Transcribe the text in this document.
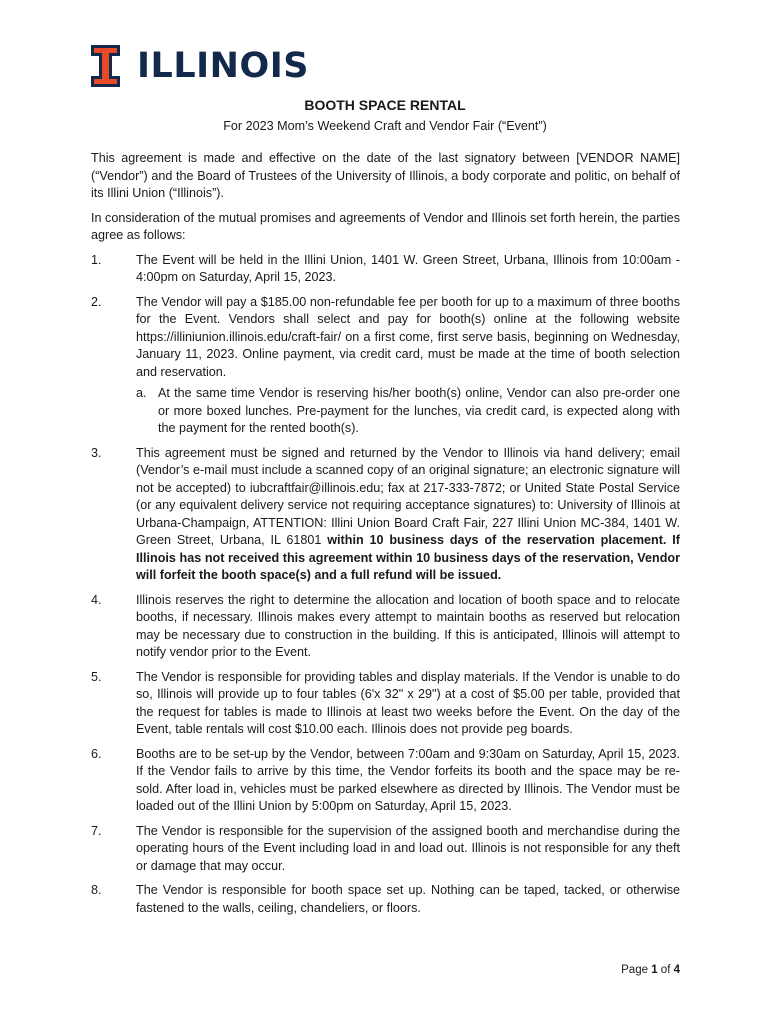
ILLINOIS
BOOTH SPACE RENTAL
For 2023 Mom’s Weekend Craft and Vendor Fair (“Event”)

This agreement is made and effective on the date of the last signatory between [VENDOR NAME] (“Vendor”) and the Board of Trustees of the University of Illinois, a body corporate and politic, on behalf of its Illini Union (“Illinois”).

In consideration of the mutual promises and agreements of Vendor and Illinois set forth herein, the parties agree as follows:

1.	The Event will be held in the Illini Union, 1401 W. Green Street, Urbana, Illinois from 10:00am - 4:00pm on Saturday, April 15, 2023.
2.	The Vendor will pay a $185.00 non-refundable fee per booth for up to a maximum of three booths for the Event. Vendors shall select and pay for booth(s) online at the following website https://illiniunion.illinois.edu/craft-fair/ on a first come, first serve basis, beginning on Wednesday, January 11, 2023. Online payment, via credit card, must be made at the time of booth selection and reservation.
a. At the same time Vendor is reserving his/her booth(s) online, Vendor can also pre-order one or more boxed lunches. Pre-payment for the lunches, via credit card, is expected along with the payment for the rented booth(s).
3.	This agreement must be signed and returned by the Vendor to Illinois via hand delivery; email (Vendor’s e-mail must include a scanned copy of an original signature; an electronic signature will not be accepted) to iubcraftfair@illinois.edu; fax at 217-333-7872; or United State Postal Service (or any equivalent delivery service not requiring acceptance signatures) to: University of Illinois at Urbana-Champaign, ATTENTION: Illini Union Board Craft Fair, 227 Illini Union MC-384, 1401 W. Green Street, Urbana, IL 61801 within 10 business days of the reservation placement. If Illinois has not received this agreement within 10 business days of the reservation, Vendor will forfeit the booth space(s) and a full refund will be issued.
4.	Illinois reserves the right to determine the allocation and location of booth space and to relocate booths, if necessary. Illinois makes every attempt to maintain booths as reserved but relocation may be necessary due to construction in the building. If this is anticipated, Illinois will attempt to notify vendor prior to the Event.
5.	The Vendor is responsible for providing tables and display materials. If the Vendor is unable to do so, Illinois will provide up to four tables (6'x 32" x 29") at a cost of $5.00 per table, provided that the request for tables is made to Illinois at least two weeks before the Event. On the day of the Event, table rentals will cost $10.00 each. Illinois does not provide peg boards.
6.	Booths are to be set-up by the Vendor, between 7:00am and 9:30am on Saturday, April 15, 2023. If the Vendor fails to arrive by this time, the Vendor forfeits its booth and the space may be re-sold. After load in, vehicles must be parked elsewhere as directed by Illinois. The Vendor must be loaded out of the Illini Union by 5:00pm on Saturday, April 15, 2023.
7.	The Vendor is responsible for the supervision of the assigned booth and merchandise during the operating hours of the Event including load in and load out. Illinois is not responsible for any theft or damage that may occur.
8.	The Vendor is responsible for booth space set up. Nothing can be taped, tacked, or otherwise fastened to the walls, ceiling, chandeliers, or floors.
Page 1 of 4
